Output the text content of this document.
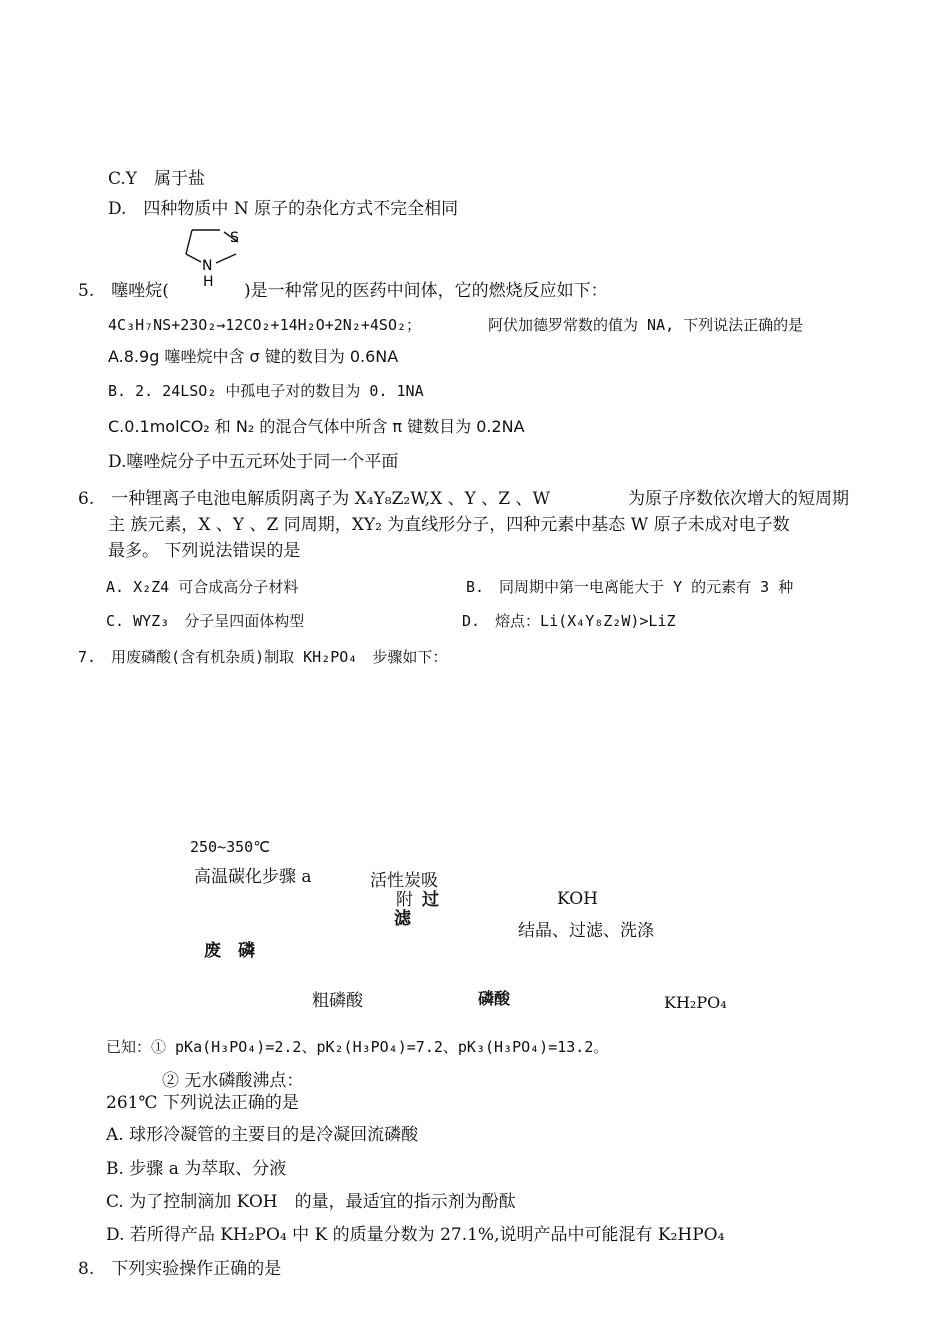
C.Y　属于盐
D.　四种物质中 N 原子的杂化方式不完全相同
S
N
H
5.　噻唑烷(	)是一种常见的医药中间体，它的燃烧反应如下：
4C₃H₇NS+23O₂→12CO₂+14H₂O+2N₂+4SO₂；	阿伏加德罗常数的值为 NA, 下列说法正确的是
A.8.9g 噻唑烷中含 σ 键的数目为 0.6NA
B. 2. 24LSO₂ 中孤电子对的数目为 0. 1NA
C.0.1molCO₂ 和 N₂ 的混合气体中所含 π 键数目为 0.2NA
D.噻唑烷分子中五元环处于同一个平面
6.　一种锂离子电池电解质阴离子为 X₄Y₈Z₂W,X 、Y 、Z 、W	为原子序数依次增大的短周期
主 族元素，X 、Y 、Z 同周期，XY₂ 为直线形分子，四种元素中基态 W 原子未成对电子数
最多。 下列说法错误的是
A. X₂Z4 可合成高分子材料	B.　同周期中第一电离能大于 Y 的元素有 3 种
C. WYZ₃　分子呈四面体构型	D.　熔点：Li(X₄Y₈Z₂W)>LiZ
7.　用废磷酸(含有机杂质)制取 KH₂PO₄　步骤如下：
250~350℃
高温碳化步骤 a	活性炭吸
附 过
滤
KOH
结晶、过滤、洗涤
废　磷
粗磷酸	磷酸	KH₂PO₄
已知：① pKa(H₃PO₄)=2.2、pK₂(H₃PO₄)=7.2、pK₃(H₃PO₄)=13.2。
② 无水磷酸沸点：
261℃ 下列说法正确的是
A. 球形冷凝管的主要目的是冷凝回流磷酸
B. 步骤 a 为萃取、分液
C. 为了控制滴加 KOH　的量，最适宜的指示剂为酚酞
D. 若所得产品 KH₂PO₄ 中 K 的质量分数为 27.1%,说明产品中可能混有 K₂HPO₄
8.　下列实验操作正确的是
